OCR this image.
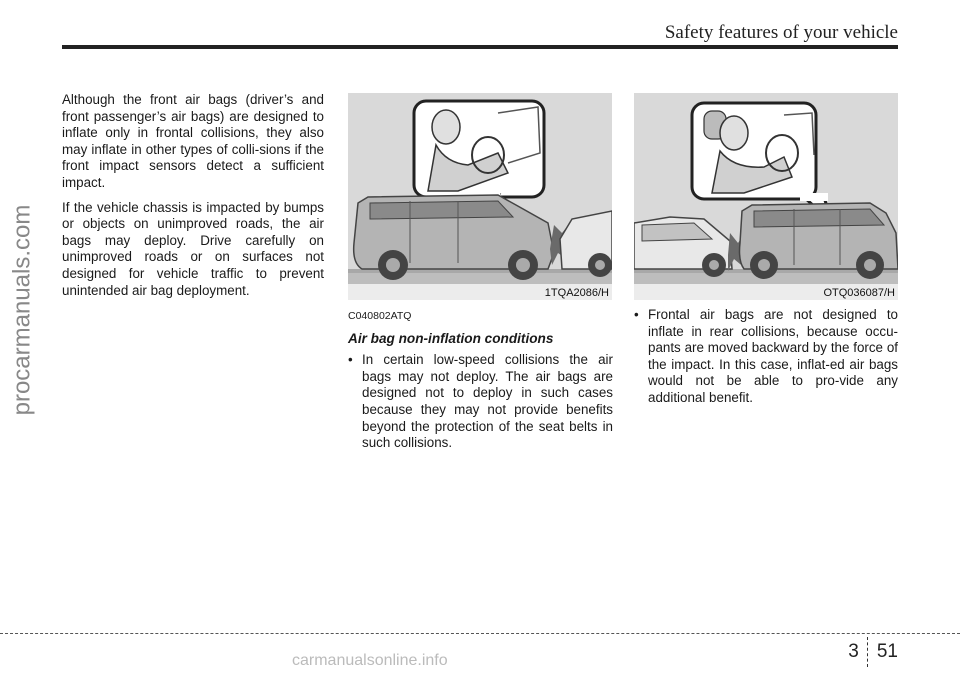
Safety features of your vehicle
procarmanuals.com

Although the front air bags (driver’s and front passenger’s air bags) are designed to inflate only in frontal collisions, they also may inflate in other types of colli-sions if the front impact sensors detect a sufficient impact.

If the vehicle chassis is impacted by bumps or objects on unimproved roads, the air bags may deploy. Drive carefully on unimproved roads or on surfaces not designed for vehicle traffic to prevent unintended air bag deployment.	1TQA2086/H	OTQ036087/H
C040802ATQ
Air bag non-inflation conditions
• In certain low-speed collisions the air bags may not deploy. The air bags are designed not to deploy in such cases because they may not provide benefits beyond the protection of the seat belts in such collisions.
• Frontal air bags are not designed to inflate in rear collisions, because occu-pants are moved backward by the force of the impact. In this case, inflat-ed air bags would not be able to pro-vide any additional benefit.
3 51
carmanualsonline.info
